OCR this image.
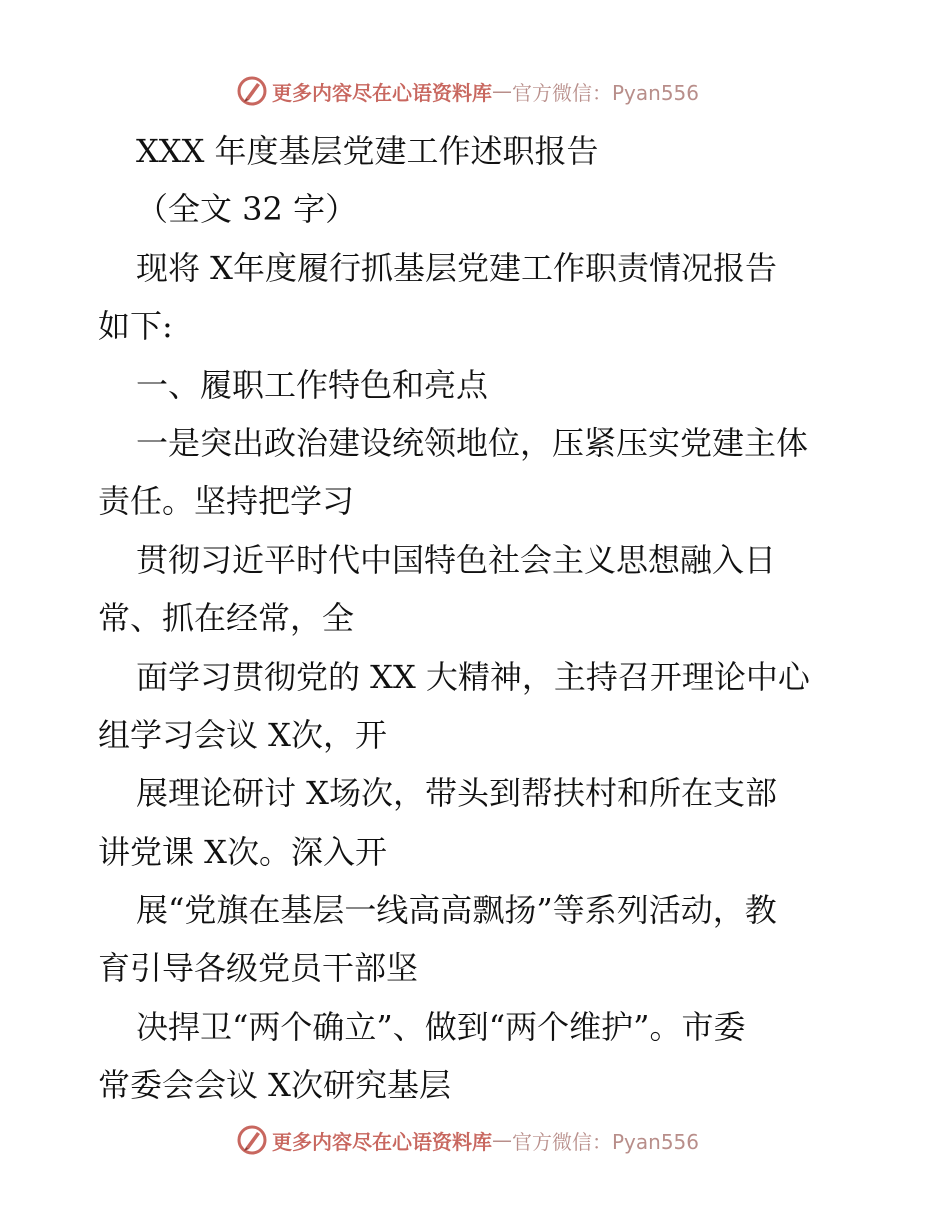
更多内容尽在心语资料库 — 官方微信：Pyan556
XXX 年度基层党建工作述职报告
（全文 32 字）
现将 X年度履行抓基层党建工作职责情况报告
如下:
一、履职工作特色和亮点
一是突出政治建设统领地位，压紧压实党建主体
责任。坚持把学习
贯彻习近平时代中国特色社会主义思想融入日
常、抓在经常，全
面学习贯彻党的 XX 大精神，主持召开理论中心
组学习会议 X次，开
展理论研讨 X场次，带头到帮扶村和所在支部
讲党课 X次。深入开
展“党旗在基层一线高高飘扬”等系列活动，教
育引导各级党员干部坚
决捍卫“两个确立”、做到“两个维护”。市委
常委会会议 X次研究基层
更多内容尽在心语资料库 — 官方微信：Pyan556
